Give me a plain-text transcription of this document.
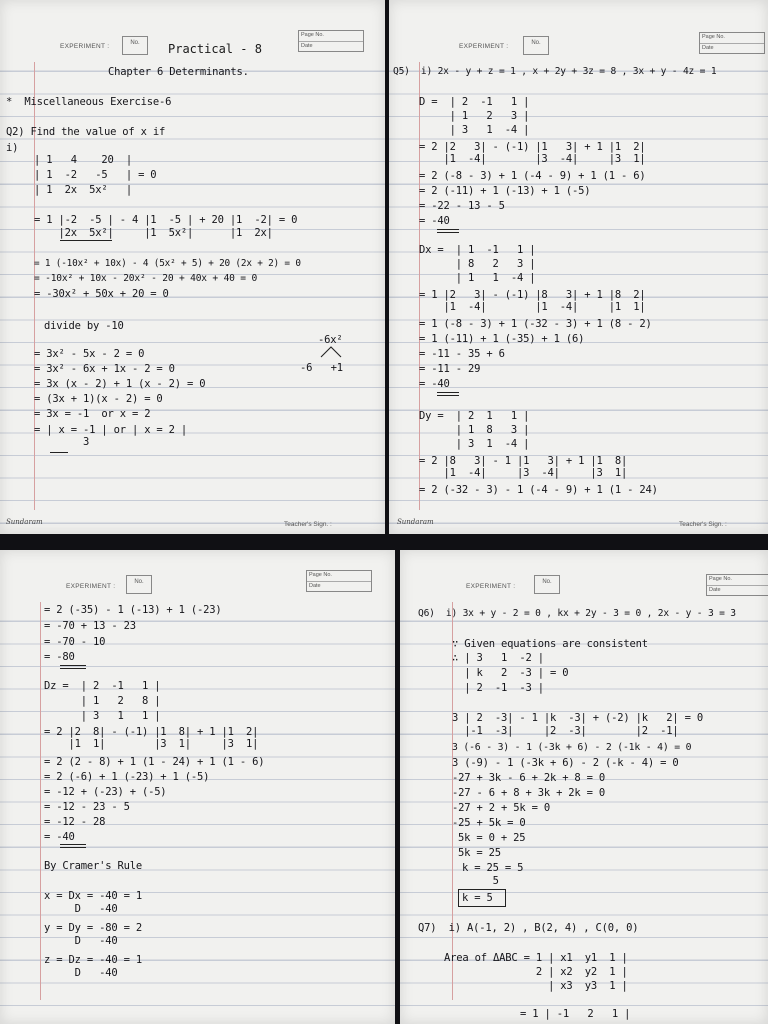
EXPERIMENT :	No.	Practical - 8
Page No.
Date
Chapter 6 Determinants.
*  Miscellaneous Exercise-6
Q2) Find the value of x if
i)
| 1   4    20  |
| 1  -2   -5   | = 0
| 1  2x  5x²   |
= 1 |-2  -5 | - 4 |1  -5 | + 20 |1  -2| = 0
|2x  5x²|     |1  5x²|      |1  2x|
= 1 (-10x² + 10x) - 4 (5x² + 5) + 20 (2x + 2) = 0
= -10x² + 10x - 20x² - 20 + 40x + 40 = 0
= -30x² + 50x + 20 = 0
divide by -10
= 3x² - 5x - 2 = 0
= 3x² - 6x + 1x - 2 = 0
= 3x (x - 2) + 1 (x - 2) = 0
= (3x + 1)(x - 2) = 0
= 3x = -1  or x = 2
= | x = -1 | or | x = 2 |
3
-6x²
-6   +1
Sundaram	Teacher's Sign. :
EXPERIMENT :	No.
Page No.
Date
Q5)  i) 2x - y + z = 1 , x + 2y + 3z = 8 , 3x + y - 4z = 1
D =  | 2  -1   1 |
| 1   2   3 |
| 3   1  -4 |
= 2 |2   3| - (-1) |1   3| + 1 |1  2|
|1  -4|        |3  -4|     |3  1|
= 2 (-8 - 3) + 1 (-4 - 9) + 1 (1 - 6)
= 2 (-11) + 1 (-13) + 1 (-5)
= -22 - 13 - 5
= -40
Dx =  | 1  -1   1 |
| 8   2   3 |
| 1   1  -4 |
= 1 |2   3| - (-1) |8   3| + 1 |8  2|
|1  -4|        |1  -4|     |1  1|
= 1 (-8 - 3) + 1 (-32 - 3) + 1 (8 - 2)
= 1 (-11) + 1 (-35) + 1 (6)
= -11 - 35 + 6
= -11 - 29
= -40
Dy =  | 2  1   1 |
| 1  8   3 |
| 3  1  -4 |
= 2 |8   3| - 1 |1   3| + 1 |1  8|
|1  -4|     |3  -4|     |3  1|
= 2 (-32 - 3) - 1 (-4 - 9) + 1 (1 - 24)
Sundaram	Teacher's Sign. :
EXPERIMENT :
No.
Page No.
Date
= 2 (-35) - 1 (-13) + 1 (-23)
= -70 + 13 - 23
= -70 - 10
= -80
Dz =  | 2  -1   1 |
| 1   2   8 |
| 3   1   1 |
= 2 |2  8| - (-1) |1  8| + 1 |1  2|
|1  1|        |3  1|     |3  1|
= 2 (2 - 8) + 1 (1 - 24) + 1 (1 - 6)
= 2 (-6) + 1 (-23) + 1 (-5)
= -12 + (-23) + (-5)
= -12 - 23 - 5
= -12 - 28
= -40
By Cramer's Rule
x = Dx = -40 = 1
D   -40
y = Dy = -80 = 2
D   -40
z = Dz = -40 = 1
D   -40
EXPERIMENT :
No.	Page No.
Date
Q6)  i) 3x + y - 2 = 0 , kx + 2y - 3 = 0 , 2x - y - 3 = 3
∵ Given equations are consistent
∴ | 3   1  -2 |
| k   2  -3 | = 0
| 2  -1  -3 |
3 | 2  -3| - 1 |k  -3| + (-2) |k   2| = 0
|-1  -3|     |2  -3|        |2  -1|
3 (-6 - 3) - 1 (-3k + 6) - 2 (-1k - 4) = 0
3 (-9) - 1 (-3k + 6) - 2 (-k - 4) = 0
-27 + 3k - 6 + 2k + 8 = 0
-27 - 6 + 8 + 3k + 2k = 0
-27 + 2 + 5k = 0
-25 + 5k = 0
5k = 0 + 25
5k = 25
k = 25 = 5
5
k = 5
Q7)  i) A(-1, 2) , B(2, 4) , C(0, 0)
Area of ΔABC = 1 | x1  y1  1 |
2 | x2  y2  1 |
| x3  y3  1 |
= 1 | -1   2   1 |
